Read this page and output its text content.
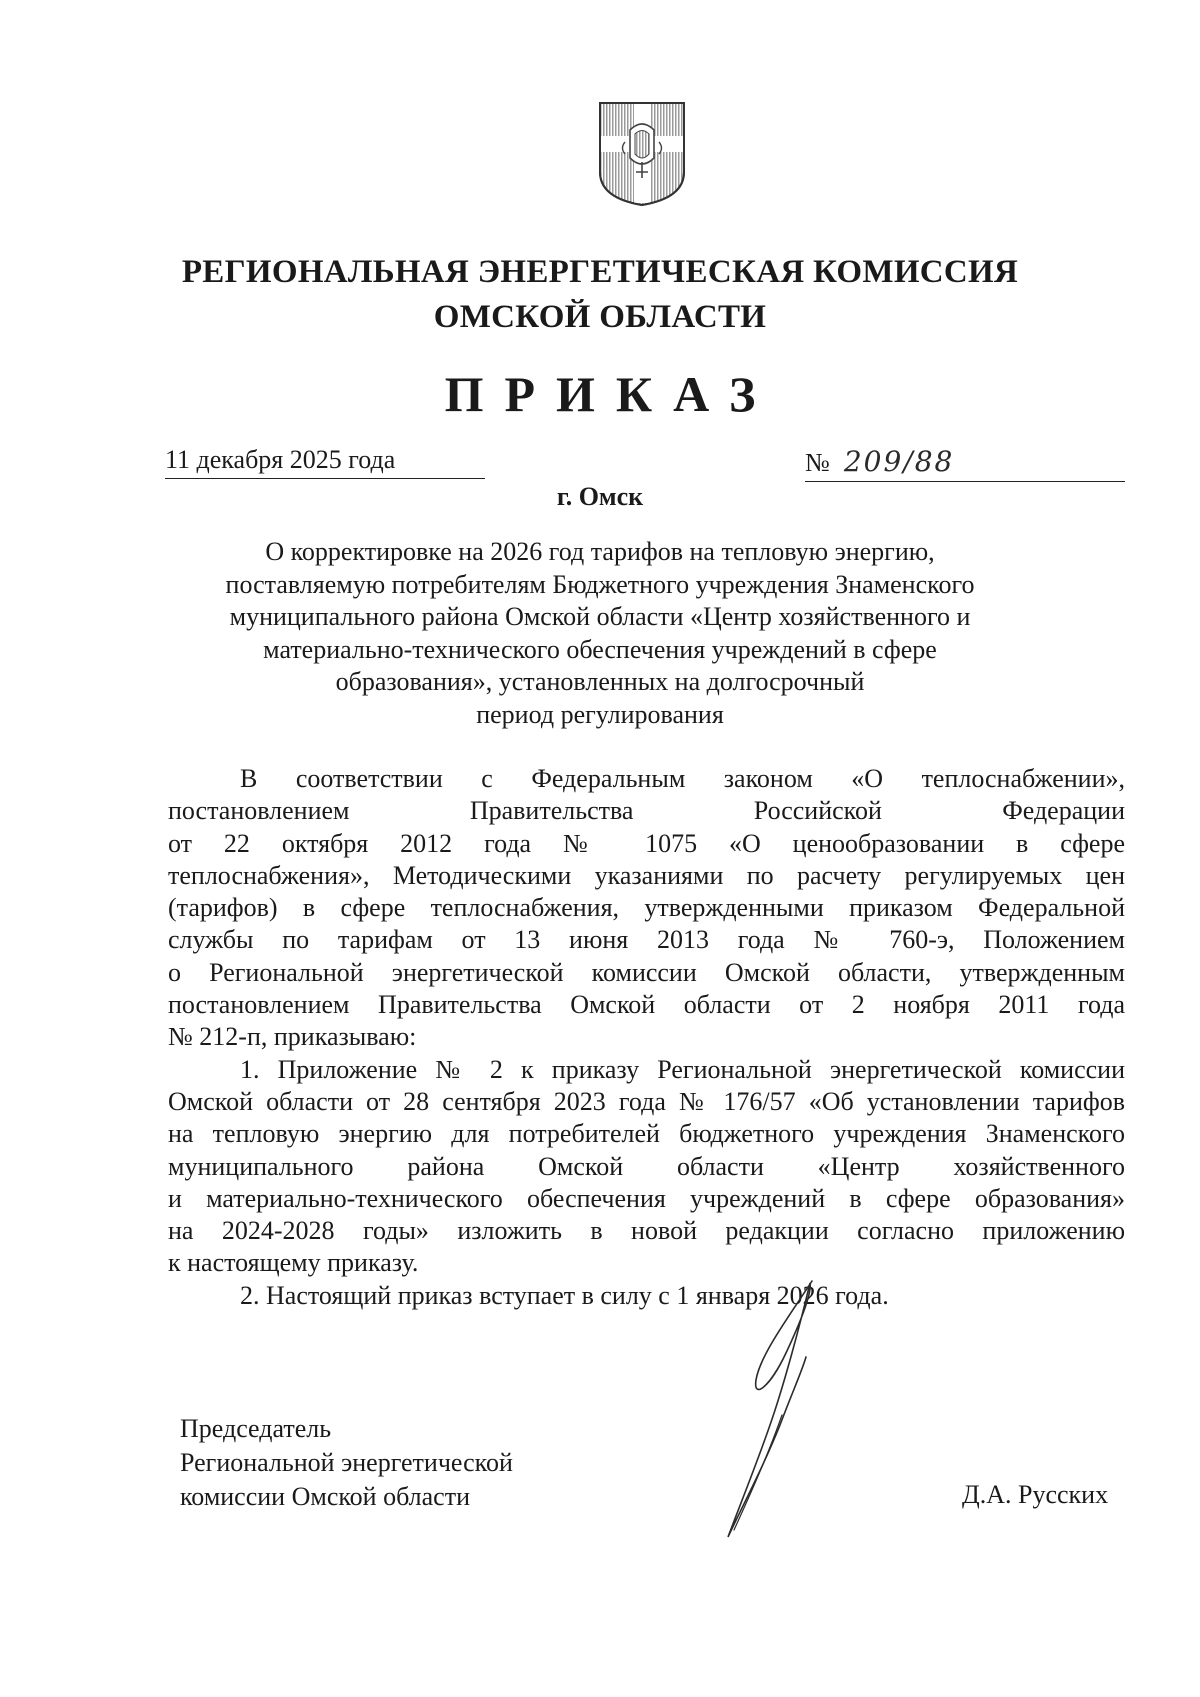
РЕГИОНАЛЬНАЯ ЭНЕРГЕТИЧЕСКАЯ КОМИССИЯ
ОМСКОЙ ОБЛАСТИ
ПРИКАЗ
11 декабря 2025 года	№ 209/88
г. Омск
О корректировке на 2026 год тарифов на тепловую энергию,
поставляемую потребителям Бюджетного учреждения Знаменского
муниципального района Омской области «Центр хозяйственного и
материально-технического обеспечения учреждений в сфере
образования», установленных на долгосрочный
период регулирования
В соответствии с Федеральным законом «О теплоснабжении»,
постановлением Правительства Российской Федерации
от 22 октября 2012 года № 1075 «О ценообразовании в сфере
теплоснабжения», Методическими указаниями по расчету регулируемых цен
(тарифов) в сфере теплоснабжения, утвержденными приказом Федеральной
службы по тарифам от 13 июня 2013 года № 760-э, Положением
о Региональной энергетической комиссии Омской области, утвержденным
постановлением Правительства Омской области от 2 ноября 2011 года
№ 212-п, приказываю:
1. Приложение № 2 к приказу Региональной энергетической комиссии
Омской области от 28 сентября 2023 года № 176/57 «Об установлении тарифов
на тепловую энергию для потребителей бюджетного учреждения Знаменского
муниципального района Омской области «Центр хозяйственного
и материально-технического обеспечения учреждений в сфере образования»
на 2024-2028 годы» изложить в новой редакции согласно приложению
к настоящему приказу.
2. Настоящий приказ вступает в силу с 1 января 2026 года.
Председатель
Региональной энергетической
комиссии Омской области	Д.А. Русских
